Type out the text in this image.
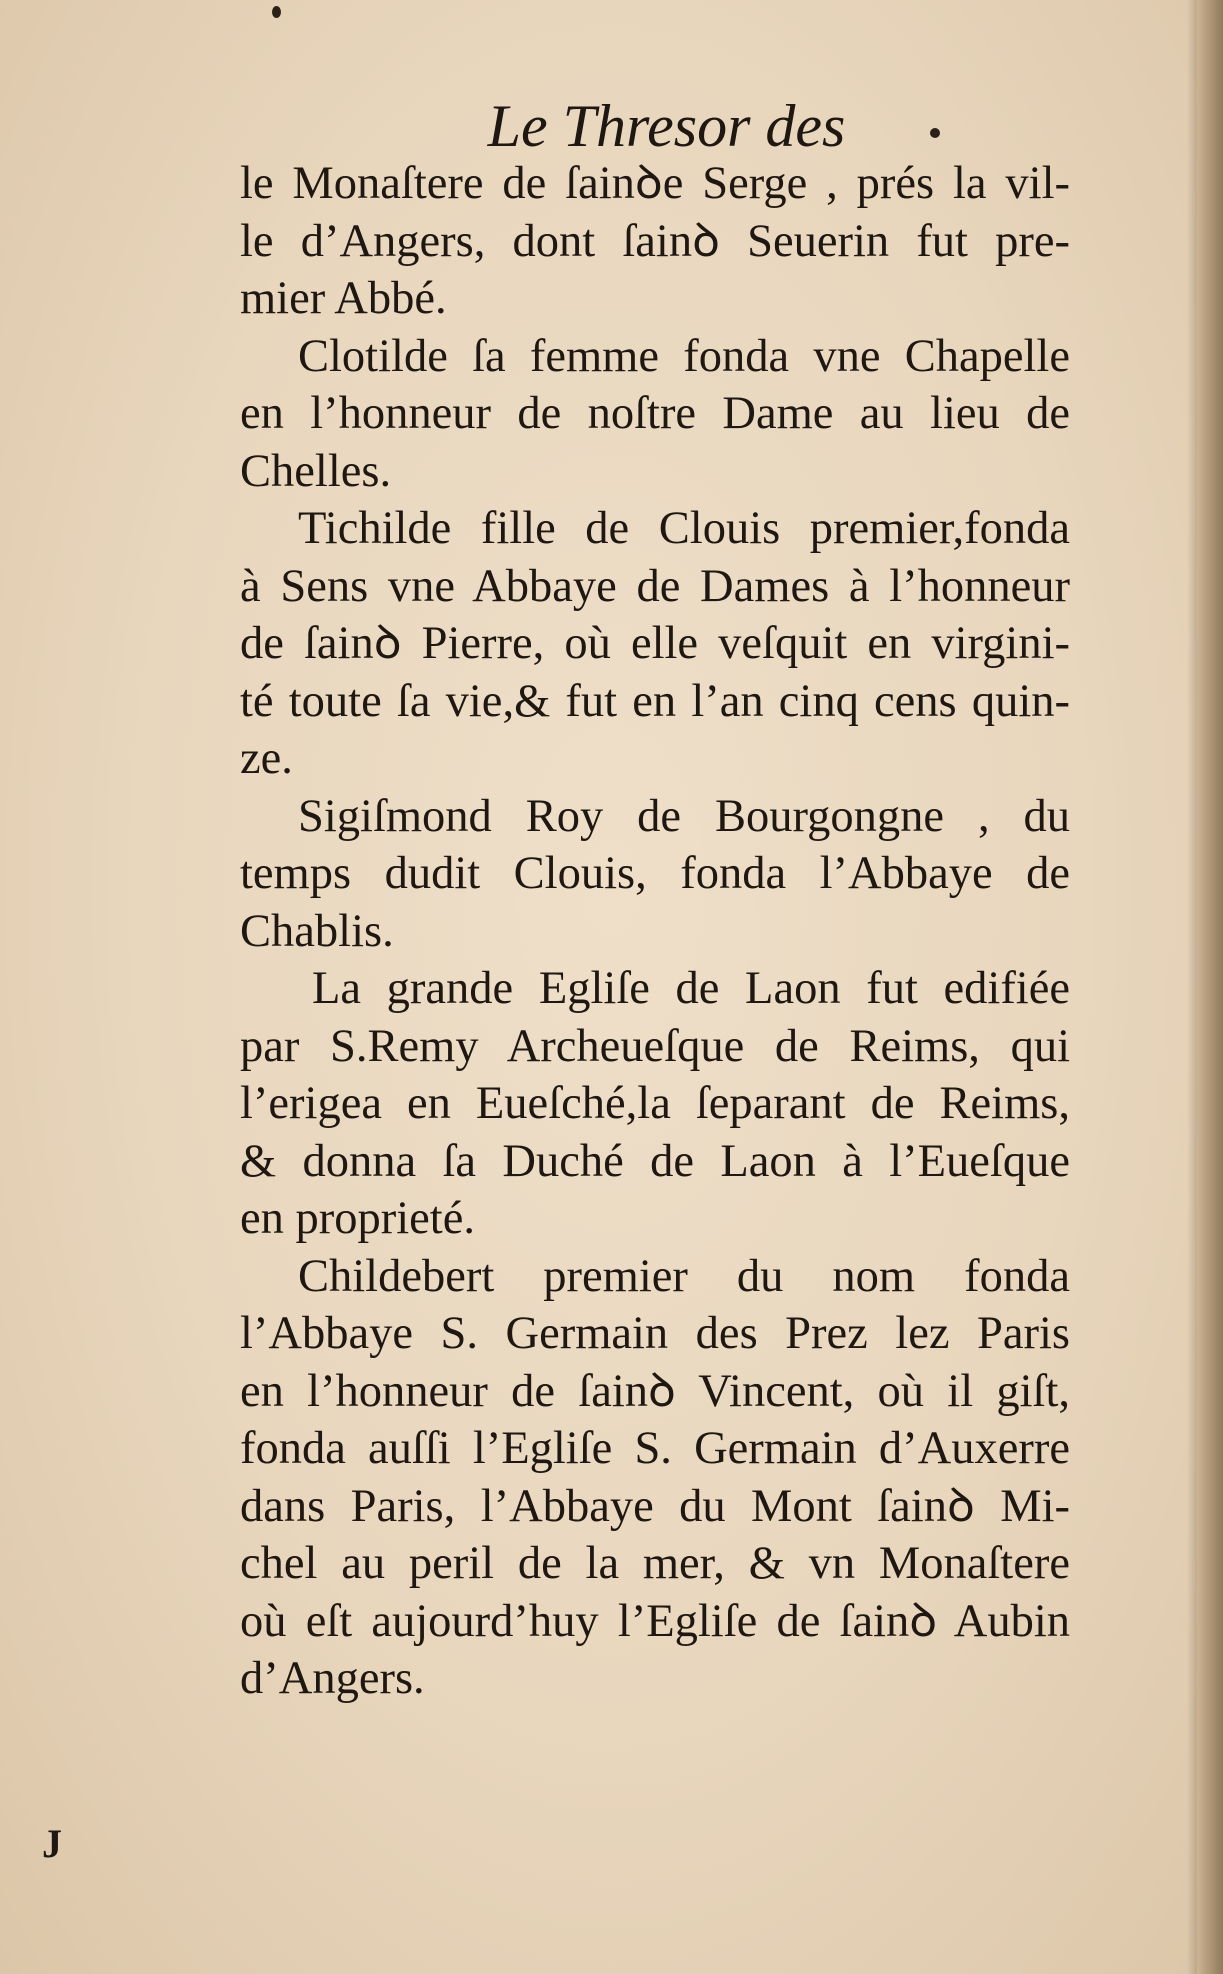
Le Thresor des

le Monaſtere de ſainꝺe Serge , prés la vil-
le d’Angers, dont ſainꝺ Seuerin fut pre-
mier Abbé.

Clotilde ſa femme fonda vne Chapelle
en l’honneur de noſtre Dame au lieu de
Chelles.

Tichilde fille de Clouis premier,fonda
à Sens vne Abbaye de Dames à l’honneur
de ſainꝺ Pierre, où elle veſquit en virgini-
té toute ſa vie,& fut en l’an cinq cens quin-
ze.

Sigiſmond Roy de Bourgongne , du
temps dudit Clouis, fonda l’Abbaye de
Chablis.

La grande Egliſe de Laon fut edifiée
par S.Remy Archeueſque de Reims, qui
l’erigea en Eueſché,la ſeparant de Reims,
& donna ſa Duché de Laon à l’Eueſque
en proprieté.

Childebert premier du nom fonda
l’Abbaye S. Germain des Prez lez Paris
en l’honneur de ſainꝺ Vincent, où il giſt,
fonda auſſi l’Egliſe S. Germain d’Auxerre
dans Paris, l’Abbaye du Mont ſainꝺ Mi-
chel au peril de la mer, & vn Monaſtere
où eſt aujourd’huy l’Egliſe de ſainꝺ Aubin
d’Angers.

J
